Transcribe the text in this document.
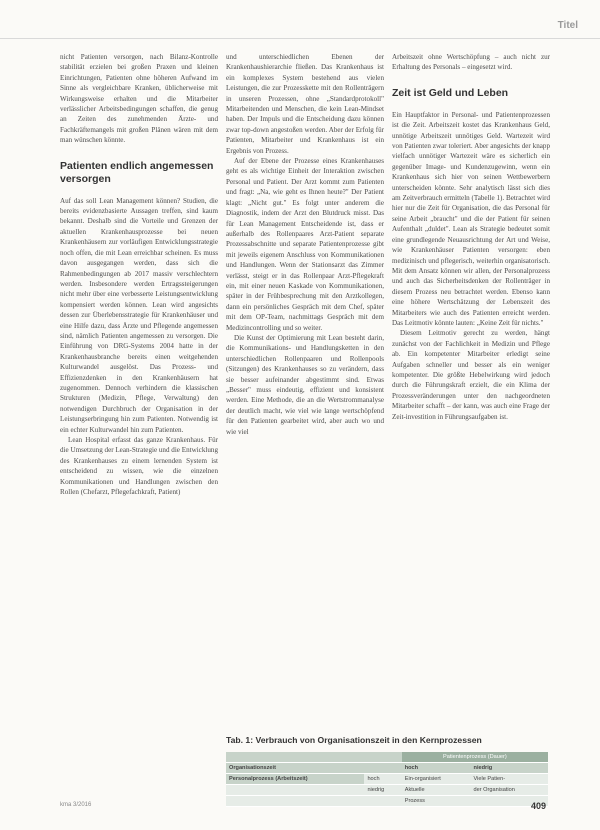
Titel

nicht Patienten versorgen, nach Bilanz-Kontrolle stabilität erzielen bei großen Praxen und kleinen Einrichtungen, Patienten ohne höheren Aufwand im Sinne als vergleichbare Kranken, üblicherweise mit Wirkungsweise erhalten und die Mitarbeiter verlässlicher Arbeitsbedingungen schaffen, die genug an Zeiten des zunehmenden Ärzte- und Fachkräftemangels mit großen Plänen wären mit dem man wünschen könnte.

Patienten endlich angemessen versorgen

Auf das soll Lean Management können? Studien, die bereits evidenzbasierte Aussagen treffen, sind kaum bekannt. Deshalb sind die Vorteile und Grenzen der aktuellen Krankenhausprozesse bei neuen Krankenhäusern zur vorläufigen Entwicklungsstrategie noch offen, die mit Lean erreichbar scheinen. Es muss davon ausgegangen werden, dass sich die Rahmenbedingungen ab 2017 massiv verschlechtern werden. Insbesondere werden Ertragssteigerungen nicht mehr über eine verbesserte Leistungsentwicklung kompensiert werden können. Lean wird angesichts dessen zur Überlebensstrategie für Krankenhäuser und eine Hilfe dazu, dass Ärzte und Pflegende angemessen sind, nämlich Patienten angemessen zu versorgen. Die Einführung von DRG-Systems 2004 hatte in der Krankenhausbranche bereits einen weitgehenden Kulturwandel ausgelöst. Das Prozess- und Effizienzdenken in den Krankenhäusern hat zugenommen. Dennoch verhindern die klassischen Strukturen (Medizin, Pflege, Verwaltung) den notwendigen Durchbruch der Organisation in der Leistungserbringung hin zum Patienten. Notwendig ist ein echter Kulturwandel hin zum Patienten.

Lean Hospital erfasst das ganze Krankenhaus. Für die Umsetzung der Lean-Strategie und die Entwicklung des Krankenhauses zu einem lernenden System ist entscheidend zu wissen, wie die einzelnen Kommunikationen und Handlungen zwischen den Rollen (Chefarzt, Pflegefachkraft, Patient)

und unterschiedlichen Ebenen der Krankenhaushierarchie fließen. Das Krankenhaus ist ein komplexes System bestehend aus vielen Leistungen, die zur Prozesskette mit den Rollenträgern in unseren Prozessen, ohne „Standardprotokoll" Mitarbeitenden und Menschen, die kein Lean-Mindset haben. Der Impuls und die Entscheidung dazu können zwar top-down angestoßen werden. Aber der Erfolg für Patienten, Mitarbeiter und Krankenhaus ist ein Ergebnis von Prozess.

Auf der Ebene der Prozesse eines Krankenhauses geht es als wichtige Einheit der Interaktion zwischen Personal und Patient. Der Arzt kommt zum Patienten und fragt: „Na, wie geht es Ihnen heute?" Der Patient klagt: „Nicht gut." Es folgt unter anderem die Diagnostik, indem der Arzt den Blutdruck misst. Das für Lean Management Entscheidende ist, dass er außerhalb des Rollenpaares Arzt-Patient separate Prozessabschnitte und separate Patientenprozesse gibt mit jeweils eigenem Anschluss von Kommunikationen und Handlungen. Wenn der Stationsarzt das Zimmer verlässt, steigt er in das Rollenpaar Arzt-Pflegekraft ein, mit einer neuen Kaskade von Kommunikationen, später in der Frühbesprechung mit den Arztkollegen, dann ein persönliches Gespräch mit dem Chef, später mit dem OP-Team, nachmittags Gespräch mit dem Medizincontrolling und so weiter.

Die Kunst der Optimierung mit Lean besteht darin, die Kommunikations- und Handlungsketten in den unterschiedlichen Rollenpaaren und Rollenpools (Sitzungen) des Krankenhauses so zu verändern, dass sie besser aufeinander abgestimmt sind. Etwas „Besser" muss eindeutig, effizient und konsistent werden. Eine Methode, die an die Wertstrommanalyse der deutlich macht, wie viel wie lange wertschöpfend für den Patienten gearbeitet wird, aber auch wo und wie viel

Arbeitszeit ohne Wertschöpfung – auch nicht zur Erhaltung des Personals – eingesetzt wird.

Zeit ist Geld und Leben

Ein Hauptfaktor in Personal- und Patientenprozessen ist die Zeit. Arbeitszeit kostet das Krankenhaus Geld, unnötige Arbeitszeit unnötiges Geld. Wartezeit wird von Patienten zwar toleriert. Aber angesichts der knapp vielfach unnötiger Wartezeit wäre es sicherlich ein gegenüber Image- und Kundenzugewinn, wenn ein Krankenhaus sich hier von seinen Wettbewerbern unterscheiden könnte. Sehr analytisch lässt sich dies am Zeitverbrauch ermitteln (Tabelle 1). Betrachtet wird hier nur die Zeit für Organisation, die das Personal für seine Arbeit „braucht" und die der Patient für seinen Aufenthalt „duldet". Lean als Strategie bedeutet somit eine grundlegende Neuausrichtung der Art und Weise, wie Krankenhäuser Patienten versorgen: eben medizinisch und pflegerisch, weiterhin organisatorisch. Mit dem Ansatz können wir allen, der Personalprozess und auch das Sicherheitsdenken der Rollenträger in diesem Prozess neu betrachtet werden. Ebenso kann eine höhere Wertschätzung der Lebenszeit des Mitarbeiters wie auch des Patienten erreicht werden. Das Leitmotiv könnte lauten: „Keine Zeit für nichts."

Diesem Leitmotiv gerecht zu werden, hängt zunächst von der Fachlichkeit in Medizin und Pflege ab. Ein kompetenter Mitarbeiter erledigt seine Aufgaben schneller und besser als ein weniger kompetenter. Die größte Hebelwirkung wird jedoch durch die Führungskraft erzielt, die ein Klima der Prozessveränderungen unter den nachgeordneten Mitarbeiter schafft – der kann, was auch eine Frage der Zeit-investition in Führungsaufgaben ist.

Tab. 1: Verbrauch von Organisationszeit in den Kernprozessen
		Patientenprozess (Dauer)	
Organisationszeit		hoch	niedrig
Personalprozess (Arbeitszeit)	hoch	Ein-organisiert	Viele Patien-
	niedrig	Aktuelle	der Organisation
		Prozess	
kma 3/2016	409
